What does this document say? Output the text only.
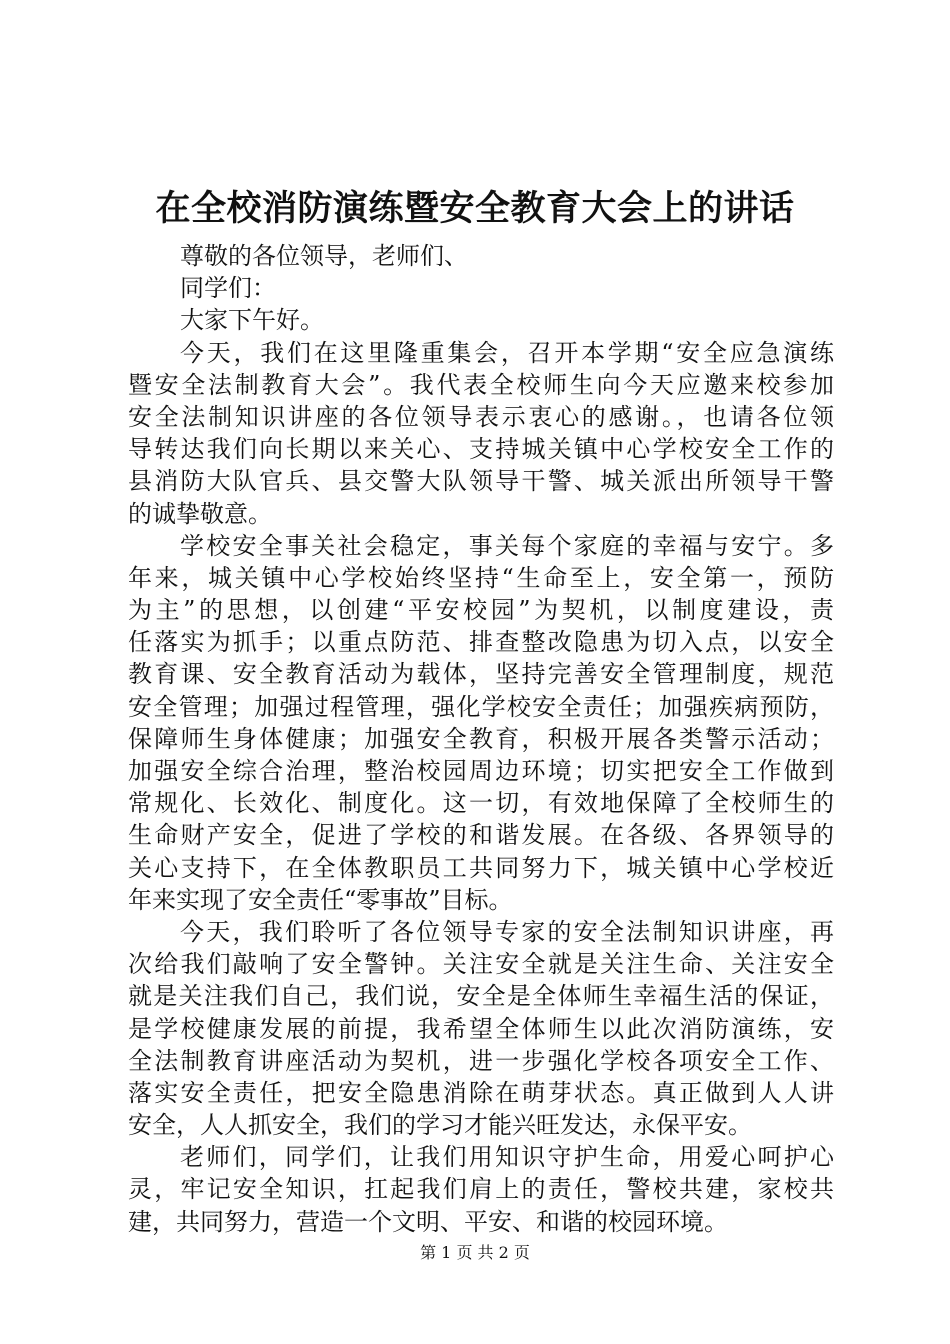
在全校消防演练暨安全教育大会上的讲话

尊敬的各位领导，老师们、

同学们：

大家下午好。

今天，我们在这里隆重集会，召开本学期“安全应急演练

暨安全法制教育大会”。我代表全校师生向今天应邀来校参加

安全法制知识讲座的各位领导表示衷心的感谢。，也请各位领

导转达我们向长期以来关心、支持城关镇中心学校安全工作的

县消防大队官兵、县交警大队领导干警、城关派出所领导干警

的诚挚敬意。

学校安全事关社会稳定，事关每个家庭的幸福与安宁。多

年来，城关镇中心学校始终坚持“生命至上，安全第一，预防

为主”的思想，以创建“平安校园”为契机，以制度建设，责

任落实为抓手；以重点防范、排查整改隐患为切入点，以安全

教育课、安全教育活动为载体，坚持完善安全管理制度，规范

安全管理；加强过程管理，强化学校安全责任；加强疾病预防，

保障师生身体健康；加强安全教育，积极开展各类警示活动；

加强安全综合治理，整治校园周边环境；切实把安全工作做到

常规化、长效化、制度化。这一切，有效地保障了全校师生的

生命财产安全，促进了学校的和谐发展。在各级、各界领导的

关心支持下，在全体教职员工共同努力下，城关镇中心学校近

年来实现了安全责任“零事故”目标。

今天，我们聆听了各位领导专家的安全法制知识讲座，再

次给我们敲响了安全警钟。关注安全就是关注生命、关注安全

就是关注我们自己，我们说，安全是全体师生幸福生活的保证，

是学校健康发展的前提，我希望全体师生以此次消防演练，安

全法制教育讲座活动为契机，进一步强化学校各项安全工作、

落实安全责任，把安全隐患消除在萌芽状态。真正做到人人讲

安全，人人抓安全，我们的学习才能兴旺发达，永保平安。

老师们，同学们，让我们用知识守护生命，用爱心呵护心

灵，牢记安全知识，扛起我们肩上的责任，警校共建，家校共

建，共同努力，营造一个文明、平安、和谐的校园环境。

第 1 页 共 2 页
